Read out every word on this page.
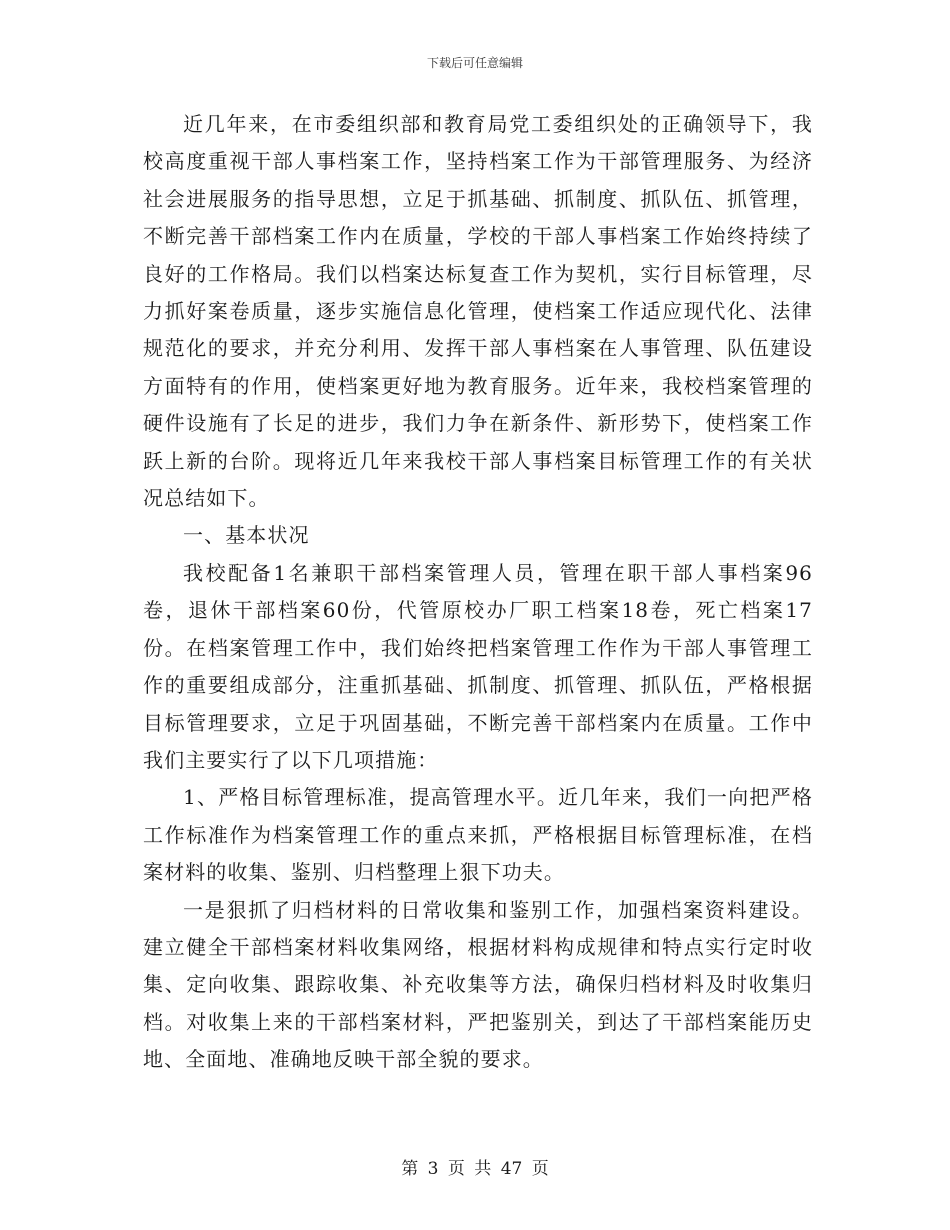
下载后可任意编辑

近几年来，在市委组织部和教育局党工委组织处的正确领导下，我校高度重视干部人事档案工作，坚持档案工作为干部管理服务、为经济社会进展服务的指导思想，立足于抓基础、抓制度、抓队伍、抓管理，不断完善干部档案工作内在质量，学校的干部人事档案工作始终持续了良好的工作格局。我们以档案达标复查工作为契机，实行目标管理，尽力抓好案卷质量，逐步实施信息化管理，使档案工作适应现代化、法律规范化的要求，并充分利用、发挥干部人事档案在人事管理、队伍建设方面特有的作用，使档案更好地为教育服务。近年来，我校档案管理的硬件设施有了长足的进步，我们力争在新条件、新形势下，使档案工作跃上新的台阶。现将近几年来我校干部人事档案目标管理工作的有关状况总结如下。

一、基本状况

我校配备1名兼职干部档案管理人员，管理在职干部人事档案96卷，退休干部档案60份，代管原校办厂职工档案18卷，死亡档案17份。在档案管理工作中，我们始终把档案管理工作作为干部人事管理工作的重要组成部分，注重抓基础、抓制度、抓管理、抓队伍，严格根据目标管理要求，立足于巩固基础，不断完善干部档案内在质量。工作中我们主要实行了以下几项措施：

1、严格目标管理标准，提高管理水平。近几年来，我们一向把严格工作标准作为档案管理工作的重点来抓，严格根据目标管理标准，在档案材料的收集、鉴别、归档整理上狠下功夫。

一是狠抓了归档材料的日常收集和鉴别工作，加强档案资料建设。建立健全干部档案材料收集网络，根据材料构成规律和特点实行定时收集、定向收集、跟踪收集、补充收集等方法，确保归档材料及时收集归档。对收集上来的干部档案材料，严把鉴别关，到达了干部档案能历史地、全面地、准确地反映干部全貌的要求。

第 3 页 共 47 页
